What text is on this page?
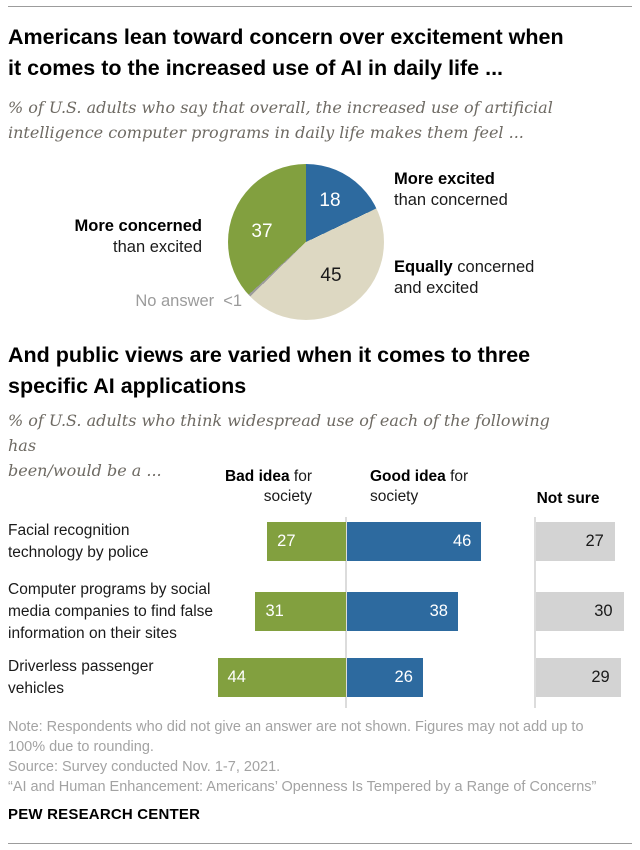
Americans lean toward concern over excitement when
it comes to the increased use of AI in daily life ...

% of U.S. adults who say that overall, the increased use of artificial
intelligence computer programs in daily life makes them feel ...

18
37
45
More excited
than concerned
Equally concerned
and excited
More concerned
than excited
No answer <1
And public views are varied when it comes to three
specific AI applications

% of U.S. adults who think widespread use of each of the following has
been/would be a ...	Bad idea for
society
Good idea for
society	Not sure
Facial recognition
technology by police
27	46	27
Computer programs by social
media companies to find false
information on their sites
31	38	30
Driverless passenger
vehicles
44	26	29

Note: Respondents who did not give an answer are not shown. Figures may not add up to
100% due to rounding.

Source: Survey conducted Nov. 1-7, 2021.

“AI and Human Enhancement: Americans’ Openness Is Tempered by a Range of Concerns”

PEW RESEARCH CENTER
